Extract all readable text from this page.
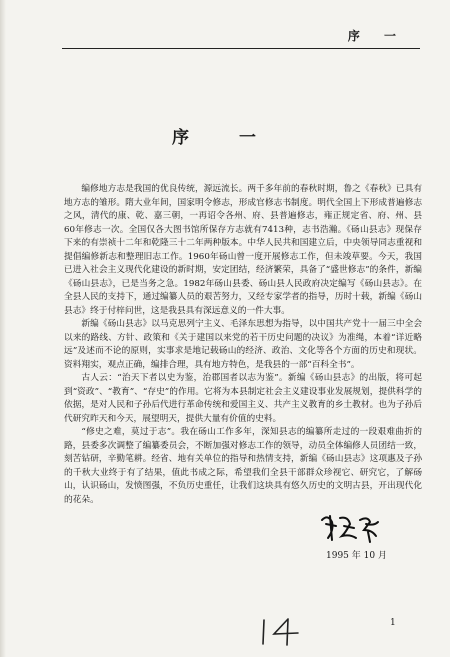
序 一
序 一

编修地方志是我国的优良传统，源远流长。两千多年前的春秋时期，鲁之《春秋》已具有地方志的雏形。隋大业年间，国家明令修志，形成官修志书制度。明代全国上下形成普遍修志之风，清代的康、乾、嘉三朝，一再诏令各州、府、县普遍修志，雍正规定省、府、州、县60年修志一次。全国仅各大图书馆所保存方志就有7413种，志书浩瀚。《砀山县志》现保存下来的有崇祯十二年和乾隆三十二年两种版本。中华人民共和国建立后，中央领导同志重视和提倡编修新志和整理旧志工作。1960年砀山曾一度开展修志工作，但未竣草要。今天，我国已进入社会主义现代化建设的新时期，安定团结，经济繁荣，具备了“盛世修志”的条件，新编《砀山县志》，已是当务之急。1982年砀山县委、砀山县人民政府决定编写《砀山县志》。在全县人民的支持下，通过编纂人员的艰苦努力，又经专家学者的指导，历时十载，新编《砀山县志》终于付梓问世，这是我县具有深远意义的一件大事。

新编《砀山县志》以马克思列宁主义、毛泽东思想为指导，以中国共产党十一届三中全会以来的路线、方针、政策和《关于建国以来党的若干历史问题的决议》为准绳，本着“详近略远”及述而不论的原则，实事求是地记载砀山的经济、政治、文化等各个方面的历史和现状。资料翔实，观点正确，编排合理，具有地方特色，是我县的一部“百科全书”。

古人云：“治天下者以史为鉴，治郡国者以志为鉴”。新编《砀山县志》的出版，将可起到“资政”、“教育”、“存史”的作用。它将为本县制定社会主义建设事业发展规划，提供科学的依据，是对人民和子孙后代进行革命传统和爱国主义、共产主义教育的乡土教材。也为子孙后代研究昨天和今天，展望明天，提供大量有价值的史料。

“修史之难，莫过于志”。我在砀山工作多年，深知县志的编纂所走过的一段艰难曲折的路，县委多次调整了编纂委员会，不断加强对修志工作的领导，动员全体编修人员团结一致，刻苦钻研，辛勤笔耕。经省、地有关单位的指导和热情支持，新编《砀山县志》这项惠及子孙的千秋大业终于有了结果，值此书成之际，希望我们全县干部群众珍视它、研究它，了解砀山，认识砀山，发愤图强，不负历史重任，让我们这块具有悠久历史的文明古县，开出现代化的花朵。

1995 年 10 月
1
